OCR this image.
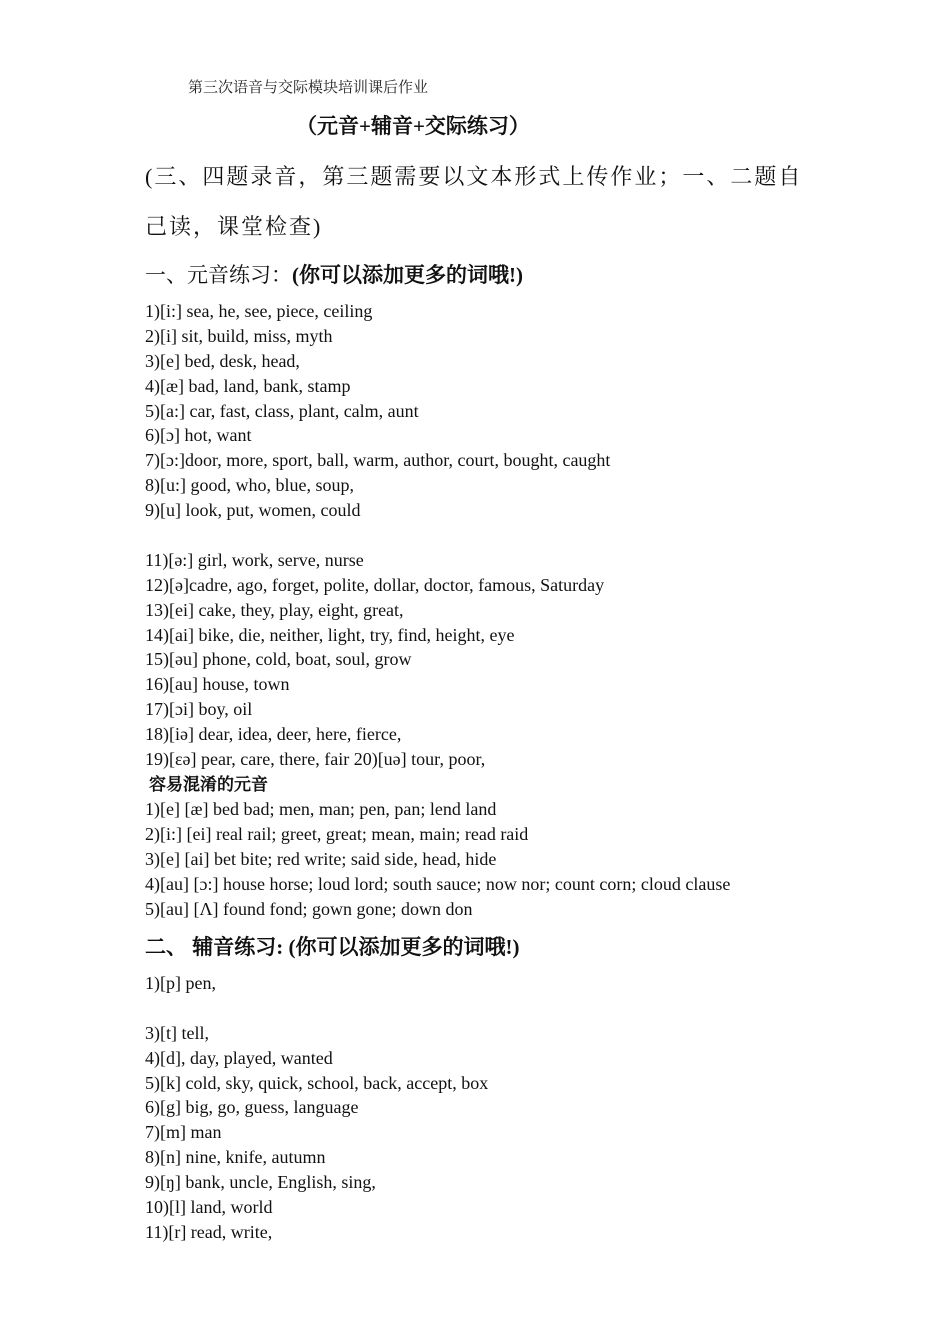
第三次语音与交际模块培训课后作业
（元音+辅音+交际练习）
(三、四题录音，第三题需要以文本形式上传作业；一、二题自己读，课堂检查)
一、元音练习：(你可以添加更多的词哦!)
1)[i:] sea, he, see, piece, ceiling
2)[i] sit, build, miss, myth
3)[e] bed, desk, head,
4)[æ] bad, land, bank, stamp
5)[a:] car, fast, class, plant, calm, aunt
6)[ɔ] hot, want
7)[ɔ:]door, more, sport, ball, warm, author, court, bought, caught
8)[u:] good, who, blue, soup,
9)[u] look, put, women, could
11)[ə:] girl, work, serve, nurse
12)[ə]cadre, ago, forget, polite, dollar, doctor, famous, Saturday
13)[ei] cake, they, play, eight, great,
14)[ai] bike, die, neither, light, try, find, height, eye
15)[əu] phone, cold, boat, soul, grow
16)[au] house, town
17)[ɔi] boy, oil
18)[iə] dear, idea, deer, here, fierce,
19)[εə] pear, care, there, fair 20)[uə] tour, poor,
容易混淆的元音
1)[e] [æ] bed bad; men, man; pen, pan; lend land
2)[i:] [ei] real rail; greet, great; mean, main; read raid
3)[e] [ai] bet bite; red write; said side, head, hide
4)[au] [ɔ:] house horse; loud lord; south sauce; now nor; count corn; cloud clause
5)[au] [Λ] found fond; gown gone; down don
二、 辅音练习: (你可以添加更多的词哦!)
1)[p] pen,
3)[t] tell,
4)[d], day, played, wanted
5)[k] cold, sky, quick, school, back, accept, box
6)[g] big, go, guess, language
7)[m] man
8)[n] nine, knife, autumn
9)[ŋ] bank, uncle, English, sing,
10)[l] land, world
11)[r] read, write,
